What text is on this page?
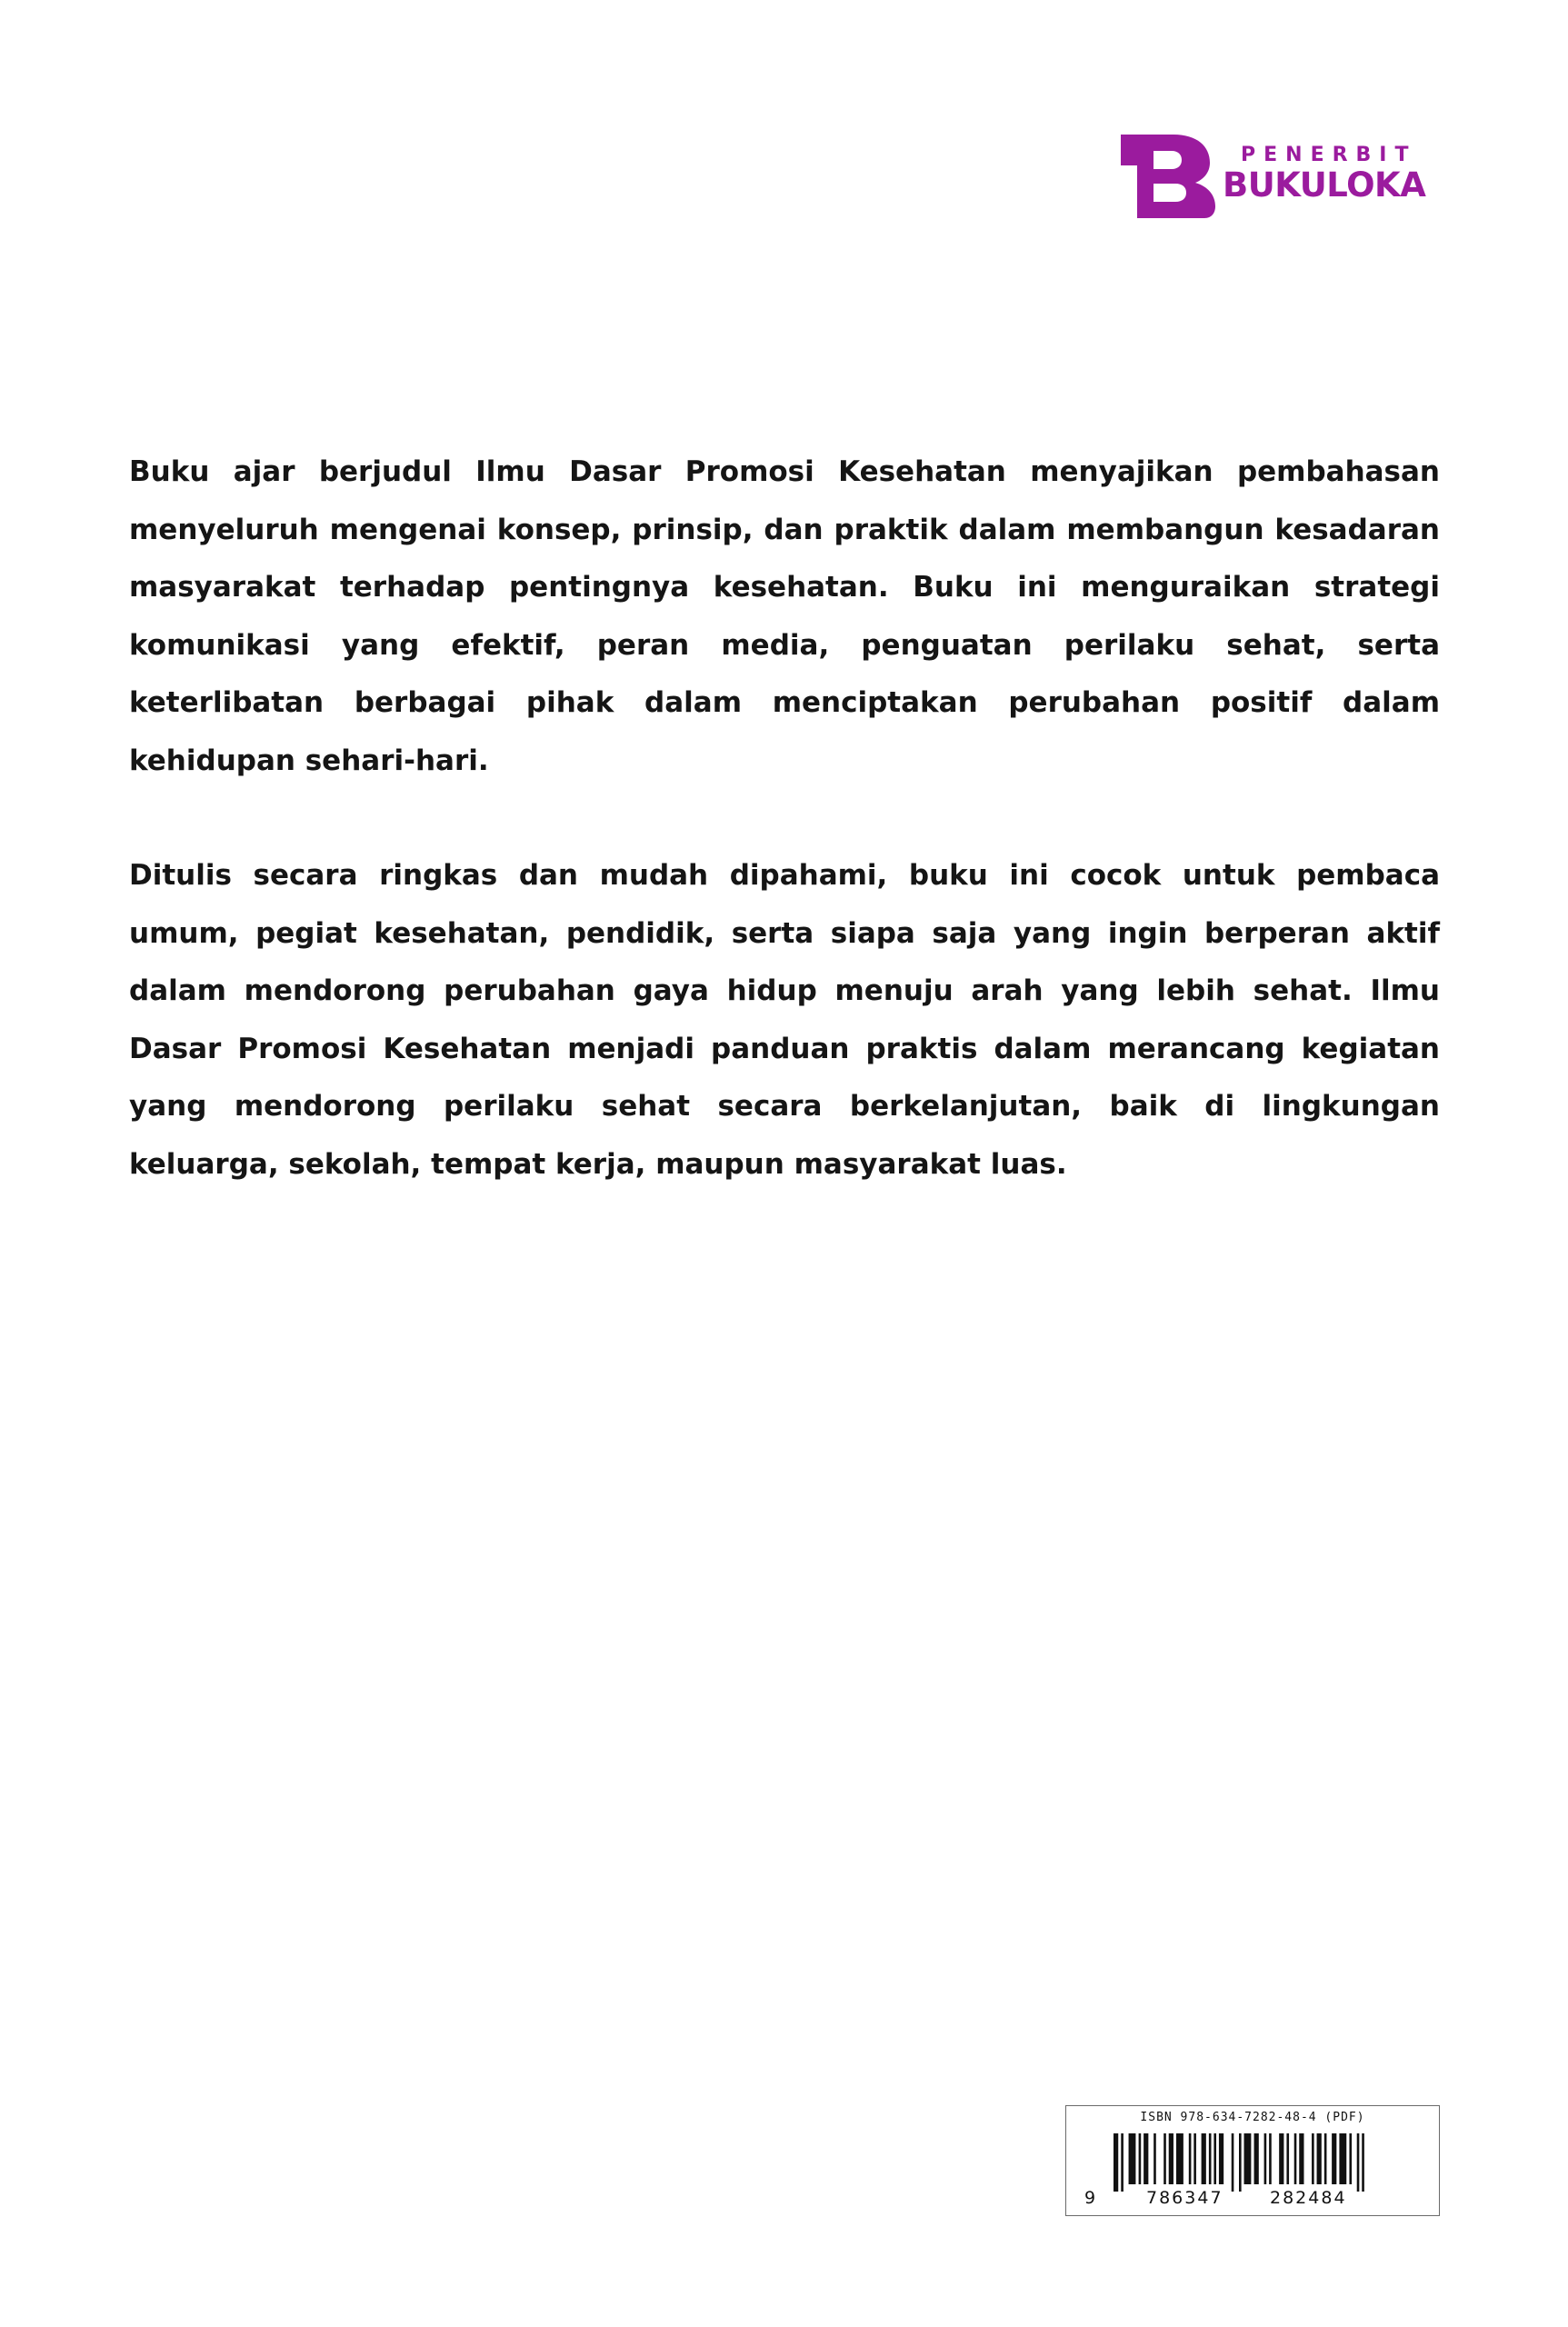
PENERBIT
BUKULOKA

Buku ajar berjudul Ilmu Dasar Promosi Kesehatan menyajikan pembahasan menyeluruh mengenai konsep, prinsip, dan praktik dalam membangun kesadaran masyarakat terhadap pentingnya kesehatan. Buku ini menguraikan strategi komunikasi yang efektif, peran media, penguatan perilaku sehat, serta keterlibatan berbagai pihak dalam menciptakan perubahan positif dalam kehidupan sehari-hari.

Ditulis secara ringkas dan mudah dipahami, buku ini cocok untuk pembaca umum, pegiat kesehatan, pendidik, serta siapa saja yang ingin berperan aktif dalam mendorong perubahan gaya hidup menuju arah yang lebih sehat. Ilmu Dasar Promosi Kesehatan menjadi panduan praktis dalam merancang kegiatan yang mendorong perilaku sehat secara berkelanjutan, baik di lingkungan keluarga, sekolah, tempat kerja, maupun masyarakat luas.

ISBN 978-634-7282-48-4 (PDF)
9	786347	282484
